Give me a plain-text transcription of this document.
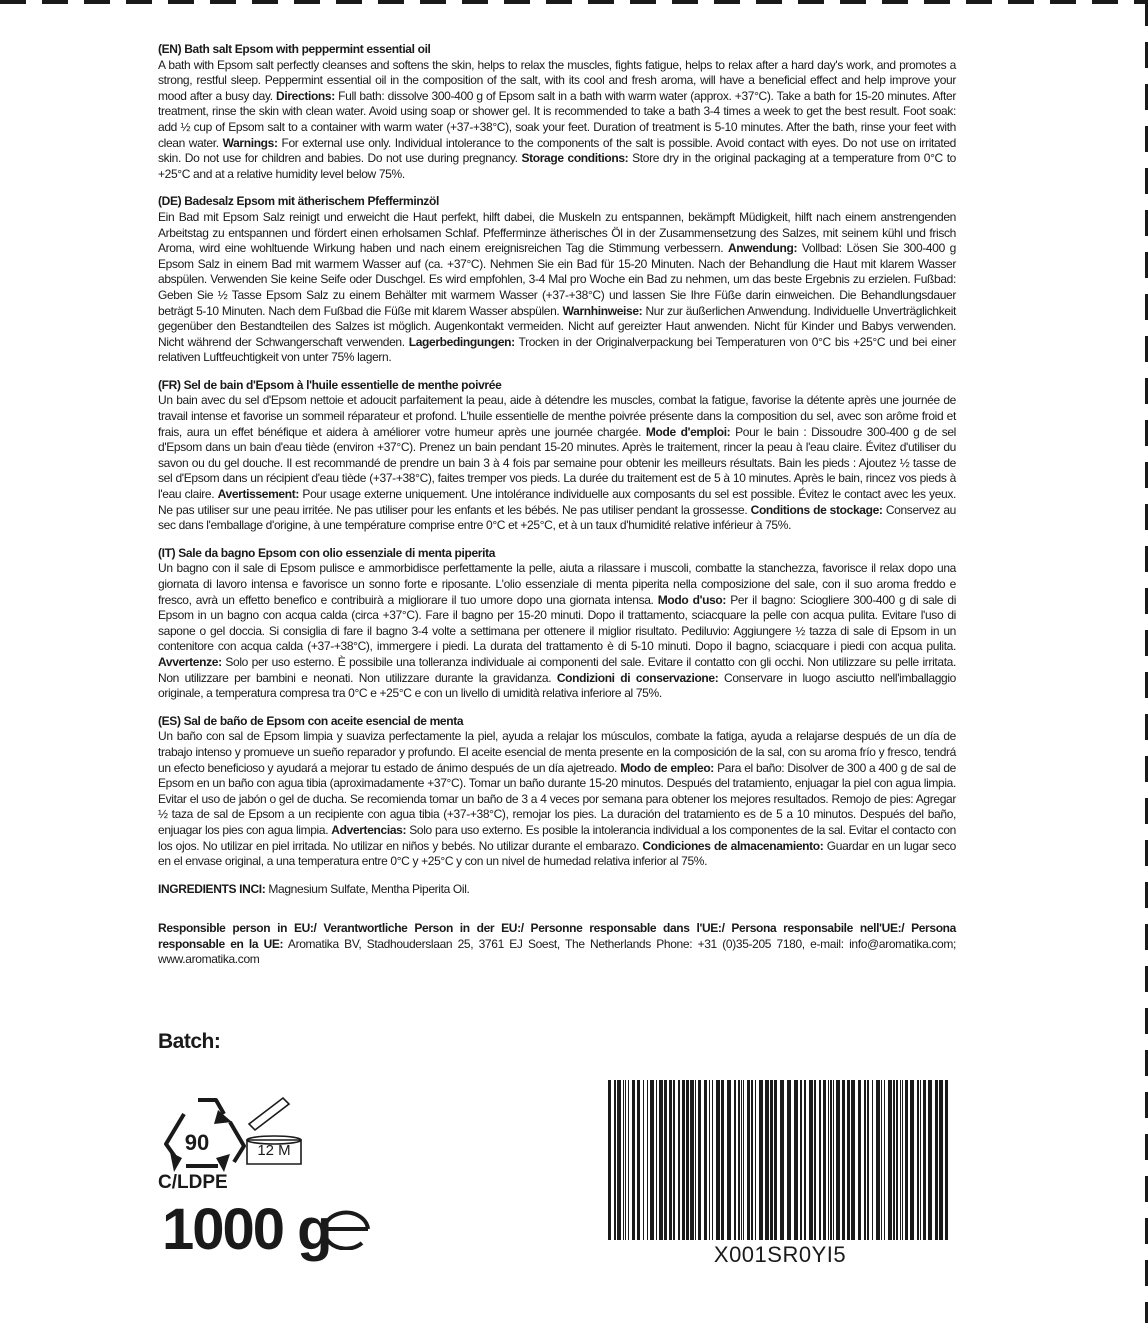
(EN) Bath salt Epsom with peppermint essential oil
A bath with Epsom salt perfectly cleanses and softens the skin, helps to relax the muscles, fights fatigue, helps to relax after a hard day's work, and promotes a strong, restful sleep. Peppermint essential oil in the composition of the salt, with its cool and fresh aroma, will have a beneficial effect and help improve your mood after a busy day. Directions: Full bath: dissolve 300-400 g of Epsom salt in a bath with warm water (approx. +37°C). Take a bath for 15-20 minutes. After treatment, rinse the skin with clean water. Avoid using soap or shower gel. It is recommended to take a bath 3-4 times a week to get the best result. Foot soak: add ½ cup of Epsom salt to a container with warm water (+37-+38°C), soak your feet. Duration of treatment is 5-10 minutes. After the bath, rinse your feet with clean water. Warnings: For external use only. Individual intolerance to the components of the salt is possible. Avoid contact with eyes. Do not use on irritated skin. Do not use for children and babies. Do not use during pregnancy. Storage conditions: Store dry in the original packaging at a temperature from 0°C to +25°C and at a relative humidity level below 75%.
(DE) Badesalz Epsom mit ätherischem Pfefferminzöl
Ein Bad mit Epsom Salz reinigt und erweicht die Haut perfekt, hilft dabei, die Muskeln zu entspannen, bekämpft Müdigkeit, hilft nach einem anstrengenden Arbeitstag zu entspannen und fördert einen erholsamen Schlaf. Pfefferminze ätherisches Öl in der Zusammensetzung des Salzes, mit seinem kühl und frisch Aroma, wird eine wohltuende Wirkung haben und nach einem ereignisreichen Tag die Stimmung verbessern. Anwendung: Vollbad: Lösen Sie 300-400 g Epsom Salz in einem Bad mit warmem Wasser auf (ca. +37°C). Nehmen Sie ein Bad für 15-20 Minuten. Nach der Behandlung die Haut mit klarem Wasser abspülen. Verwenden Sie keine Seife oder Duschgel. Es wird empfohlen, 3-4 Mal pro Woche ein Bad zu nehmen, um das beste Ergebnis zu erzielen. Fußbad: Geben Sie ½ Tasse Epsom Salz zu einem Behälter mit warmem Wasser (+37-+38°C) und lassen Sie Ihre Füße darin einweichen. Die Behandlungsdauer beträgt 5-10 Minuten. Nach dem Fußbad die Füße mit klarem Wasser abspülen. Warnhinweise: Nur zur äußerlichen Anwendung. Individuelle Unverträglichkeit gegenüber den Bestandteilen des Salzes ist möglich. Augenkontakt vermeiden. Nicht auf gereizter Haut anwenden. Nicht für Kinder und Babys verwenden. Nicht während der Schwangerschaft verwenden. Lagerbedingungen: Trocken in der Originalverpackung bei Temperaturen von 0°C bis +25°C und bei einer relativen Luftfeuchtigkeit von unter 75% lagern.
(FR) Sel de bain d'Epsom à l'huile essentielle de menthe poivrée
Un bain avec du sel d'Epsom nettoie et adoucit parfaitement la peau, aide à détendre les muscles, combat la fatigue, favorise la détente après une journée de travail intense et favorise un sommeil réparateur et profond. L'huile essentielle de menthe poivrée présente dans la composition du sel, avec son arôme froid et frais, aura un effet bénéfique et aidera à améliorer votre humeur après une journée chargée. Mode d'emploi: Pour le bain : Dissoudre 300-400 g de sel d'Epsom dans un bain d'eau tiède (environ +37°C). Prenez un bain pendant 15-20 minutes. Après le traitement, rincer la peau à l'eau claire. Évitez d'utiliser du savon ou du gel douche. Il est recommandé de prendre un bain 3 à 4 fois par semaine pour obtenir les meilleurs résultats. Bain les pieds : Ajoutez ½ tasse de sel d'Epsom dans un récipient d'eau tiède (+37-+38°C), faites tremper vos pieds. La durée du traitement est de 5 à 10 minutes. Après le bain, rincez vos pieds à l'eau claire. Avertissement: Pour usage externe uniquement. Une intolérance individuelle aux composants du sel est possible. Évitez le contact avec les yeux. Ne pas utiliser sur une peau irritée. Ne pas utiliser pour les enfants et les bébés. Ne pas utiliser pendant la grossesse. Conditions de stockage: Conservez au sec dans l'emballage d'origine, à une température comprise entre 0°C et +25°C, et à un taux d'humidité relative inférieur à 75%.
(IT) Sale da bagno Epsom con olio essenziale di menta piperita
Un bagno con il sale di Epsom pulisce e ammorbidisce perfettamente la pelle, aiuta a rilassare i muscoli, combatte la stanchezza, favorisce il relax dopo una giornata di lavoro intensa e favorisce un sonno forte e riposante. L'olio essenziale di menta piperita nella composizione del sale, con il suo aroma freddo e fresco, avrà un effetto benefico e contribuirà a migliorare il tuo umore dopo una giornata intensa. Modo d'uso: Per il bagno: Sciogliere 300-400 g di sale di Epsom in un bagno con acqua calda (circa +37°C). Fare il bagno per 15-20 minuti. Dopo il trattamento, sciacquare la pelle con acqua pulita. Evitare l'uso di sapone o gel doccia. Si consiglia di fare il bagno 3-4 volte a settimana per ottenere il miglior risultato. Pediluvio: Aggiungere ½ tazza di sale di Epsom in un contenitore con acqua calda (+37-+38°C), immergere i piedi. La durata del trattamento è di 5-10 minuti. Dopo il bagno, sciacquare i piedi con acqua pulita. Avvertenze: Solo per uso esterno. È possibile una tolleranza individuale ai componenti del sale. Evitare il contatto con gli occhi. Non utilizzare su pelle irritata. Non utilizzare per bambini e neonati. Non utilizzare durante la gravidanza. Condizioni di conservazione: Conservare in luogo asciutto nell'imballaggio originale, a temperatura compresa tra 0°C e +25°C e con un livello di umidità relativa inferiore al 75%.
(ES) Sal de baño de Epsom con aceite esencial de menta
Un baño con sal de Epsom limpia y suaviza perfectamente la piel, ayuda a relajar los músculos, combate la fatiga, ayuda a relajarse después de un día de trabajo intenso y promueve un sueño reparador y profundo. El aceite esencial de menta presente en la composición de la sal, con su aroma frío y fresco, tendrá un efecto beneficioso y ayudará a mejorar tu estado de ánimo después de un día ajetreado. Modo de empleo: Para el baño: Disolver de 300 a 400 g de sal de Epsom en un baño con agua tibia (aproximadamente +37°C). Tomar un baño durante 15-20 minutos. Después del tratamiento, enjuagar la piel con agua limpia. Evitar el uso de jabón o gel de ducha. Se recomienda tomar un baño de 3 a 4 veces por semana para obtener los mejores resultados. Remojo de pies: Agregar ½ taza de sal de Epsom a un recipiente con agua tibia (+37-+38°C), remojar los pies. La duración del tratamiento es de 5 a 10 minutos. Después del baño, enjuagar los pies con agua limpia. Advertencias: Solo para uso externo. Es posible la intolerancia individual a los componentes de la sal. Evitar el contacto con los ojos. No utilizar en piel irritada. No utilizar en niños y bebés. No utilizar durante el embarazo. Condiciones de almacenamiento: Guardar en un lugar seco en el envase original, a una temperatura entre 0°C y +25°C y con un nivel de humedad relativa inferior al 75%.
INGREDIENTS INCI: Magnesium Sulfate, Mentha Piperita Oil.
Responsible person in EU:/ Verantwortliche Person in der EU:/ Personne responsable dans l'UE:/ Persona responsabile nell'UE:/ Persona responsable en la UE: Aromatika BV, Stadhouderslaan 25, 3761 EJ Soest, The Netherlands Phone: +31 (0)35-205 7180, e-mail: info@aromatika.com; www.aromatika.com
Batch:
90	12 M
C/LDPE
1000 g	X001SR0YI5
